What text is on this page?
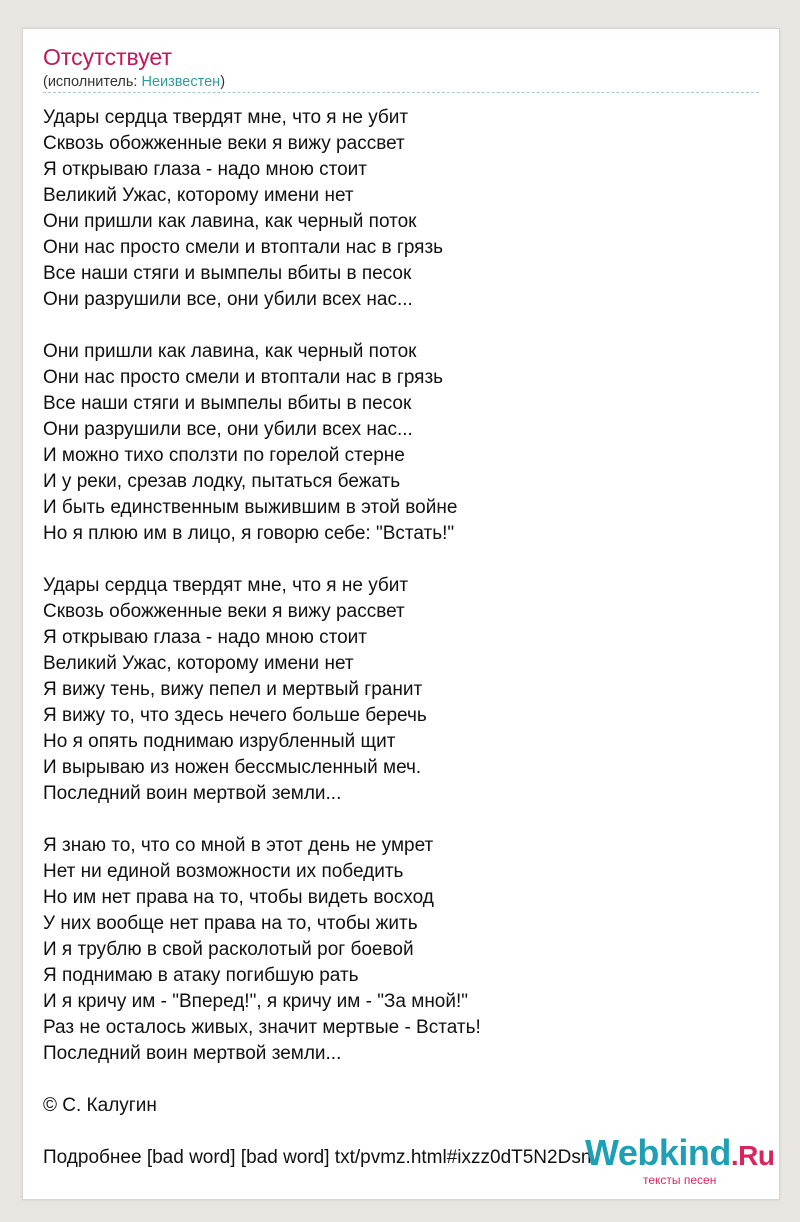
Отсутствует
(исполнитель: Неизвестен)
Удары сердца твердят мне, что я не убит
Сквозь обожженные веки я вижу рассвет
Я открываю глаза - надо мною стоит
Великий Ужас, которому имени нет
Они пришли как лавина, как черный поток
Они нас просто смели и втоптали нас в грязь
Все наши стяги и вымпелы вбиты в песок
Они разрушили все, они убили всех нас...
Они пришли как лавина, как черный поток
Они нас просто смели и втоптали нас в грязь
Все наши стяги и вымпелы вбиты в песок
Они разрушили все, они убили всех нас...
И можно тихо сползти по горелой стерне
И у реки, срезав лодку, пытаться бежать
И быть единственным выжившим в этой войне
Но я плюю им в лицо, я говорю себе: "Встать!"
Удары сердца твердят мне, что я не убит
Сквозь обожженные веки я вижу рассвет
Я открываю глаза - надо мною стоит
Великий Ужас, которому имени нет
Я вижу тень, вижу пепел и мертвый гранит
Я вижу то, что здесь нечего больше беречь
Но я опять поднимаю изрубленный щит
И вырываю из ножен бессмысленный меч.
Последний воин мертвой земли...
Я знаю то, что со мной в этот день не умрет
Нет ни единой возможности их победить
Но им нет права на то, чтобы видеть восход
У них вообще нет права на то, чтобы жить
И я трублю в свой расколотый рог боевой
Я поднимаю в атаку погибшую рать
И я кричу им - "Вперед!", я кричу им - "За мной!"
Раз не осталось живых, значит мертвые - Встать!
Последний воин мертвой земли...
© С. Калугин
Подробнее [bad word] [bad word] txt/pvmz.html#ixzz0dT5N2Dsn
Webkind.Ru
тексты песен
